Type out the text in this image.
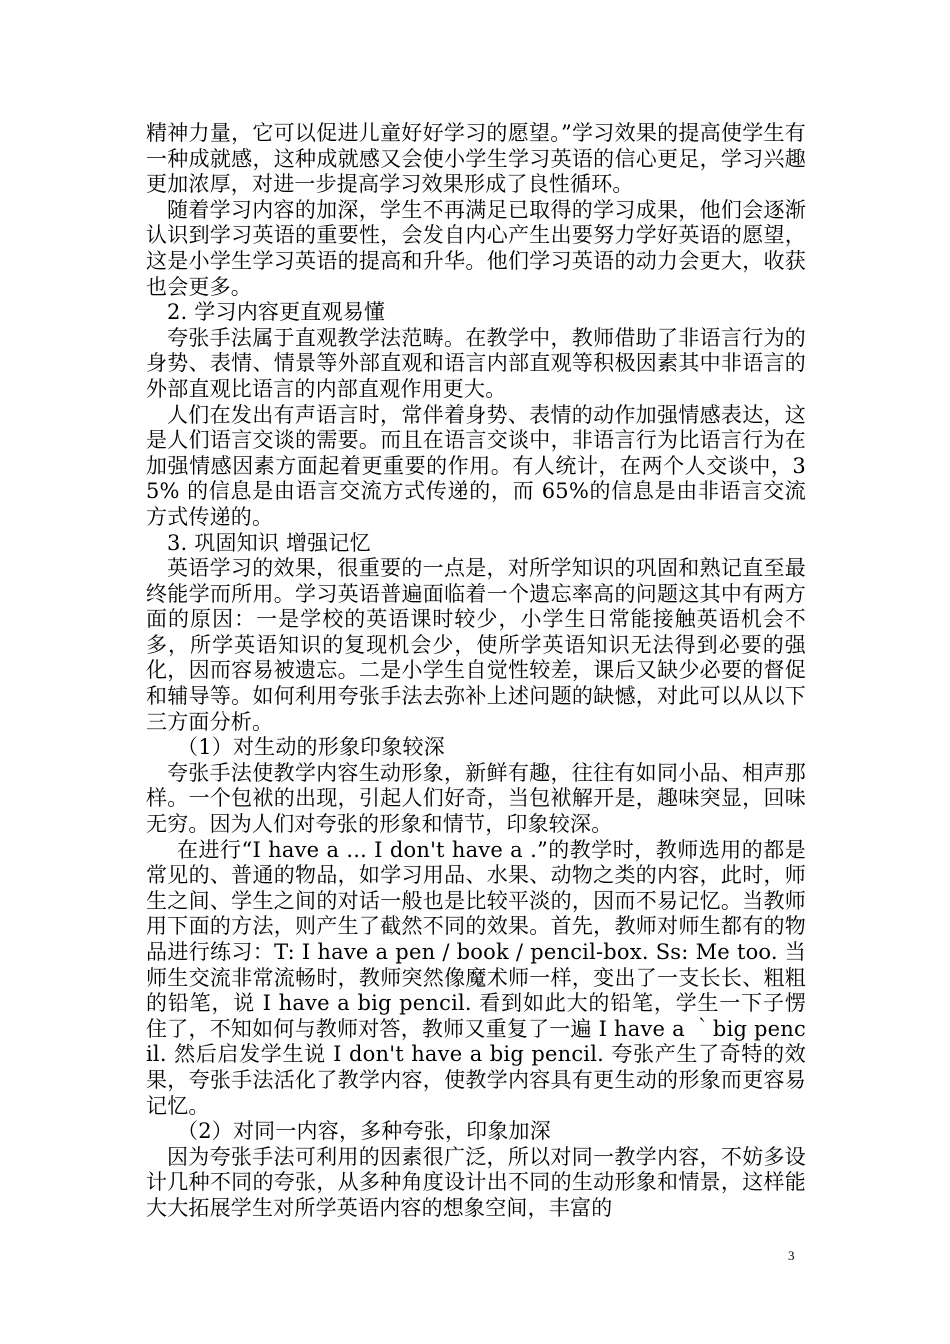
精神力量，它可以促进儿童好好学习的愿望。”学习效果的提高使学生有一种成就感，这种成就感又会使小学生学习英语的信心更足，学习兴趣更加浓厚，对进一步提高学习效果形成了良性循环。

随着学习内容的加深，学生不再满足已取得的学习成果，他们会逐渐认识到学习英语的重要性，会发自内心产生出要努力学好英语的愿望，这是小学生学习英语的提高和升华。他们学习英语的动力会更大，收获也会更多。

2. 学习内容更直观易懂

夸张手法属于直观教学法范畴。在教学中，教师借助了非语言行为的身势、表情、情景等外部直观和语言内部直观等积极因素其中非语言的外部直观比语言的内部直观作用更大。

人们在发出有声语言时，常伴着身势、表情的动作加强情感表达，这是人们语言交谈的需要。而且在语言交谈中，非语言行为比语言行为在加强情感因素方面起着更重要的作用。有人统计，在两个人交谈中，35% 的信息是由语言交流方式传递的，而 65%的信息是由非语言交流方式传递的。

3. 巩固知识 增强记忆

英语学习的效果，很重要的一点是，对所学知识的巩固和熟记直至最终能学而所用。学习英语普遍面临着一个遗忘率高的问题这其中有两方面的原因：一是学校的英语课时较少，小学生日常能接触英语机会不多，所学英语知识的复现机会少，使所学英语知识无法得到必要的强化，因而容易被遗忘。二是小学生自觉性较差，课后又缺少必要的督促和辅导等。如何利用夸张手法去弥补上述问题的缺憾，对此可以从以下三方面分析。

（1）对生动的形象印象较深

夸张手法使教学内容生动形象，新鲜有趣，往往有如同小品、相声那样。一个包袱的出现，引起人们好奇，当包袱解开是，趣味突显，回味无穷。因为人们对夸张的形象和情节，印象较深。

在进行“I have a ... I don't have a .”的教学时，教师选用的都是常见的、普通的物品，如学习用品、水果、动物之类的内容，此时，师生之间、学生之间的对话一般也是比较平淡的，因而不易记忆。当教师用下面的方法，则产生了截然不同的效果。首先，教师对师生都有的物品进行练习：T: I have a pen / book / pencil-box. Ss: Me too. 当师生交流非常流畅时，教师突然像魔术师一样，变出了一支长长、粗粗的铅笔，说 I have a big pencil. 看到如此大的铅笔，学生一下子愣住了，不知如何与教师对答，教师又重复了一遍 I have a ｀big pencil. 然后启发学生说 I don't have a big pencil. 夸张产生了奇特的效果，夸张手法活化了教学内容，使教学内容具有更生动的形象而更容易记忆。

（2）对同一内容，多种夸张，印象加深

因为夸张手法可利用的因素很广泛，所以对同一教学内容，不妨多设计几种不同的夸张，从多种角度设计出不同的生动形象和情景，这样能大大拓展学生对所学英语内容的想象空间，丰富的

3
